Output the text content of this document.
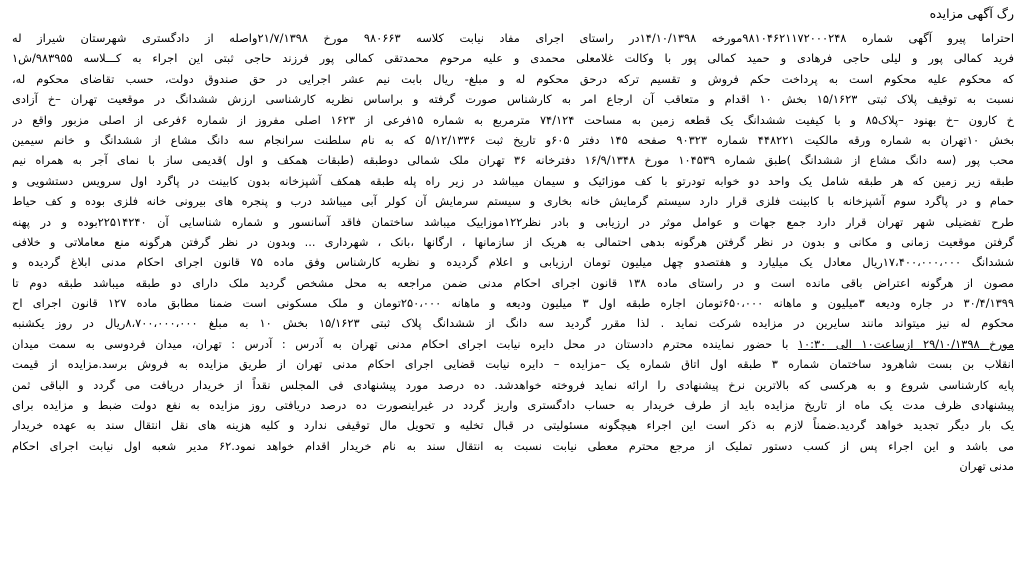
رگ آگهی مزایده
احتراما پیرو آگهی شماره ۹۸۱۰۴۶۲۱۱۷۲۰۰۰۲۴۸مورخه ۱۴/۱۰/۱۳۹۸در راستای اجرای مفاد نیابت کلاسه ۹۸۰۶۶۳ مورخ ۲۱/۷/۱۳۹۸واصله از دادگستری شهرستان شیراز له
فرید کمالی پور و لیلی حاجی فرهادی و حمید کمالی پور با وکالت غلامعلی محمدی و علیه مرحوم محمدتقی کمالی پور فرزند حاجی ثبتی این اجراء به کـــلاسه ۹۸۳۹۵۵/ش۱
که محکوم علیه محکوم است به پرداخت حکم فروش و تقسیم ترکه درحق محکوم له و مبلغ- ریال بابت نیم عشر اجرایی در حق صندوق دولت، حسب تقاضای محکوم له،
نسبت به توقیف پلاک ثبتی ۱۵/۱۶۲۳ بخش ۱۰ اقدام و متعاقب آن ارجاع امر به کارشناس صورت گرفته و براساس نظریه کارشناسی ارزش ششدانگ در موقعیت تهران –خ آزادی
خ کارون –خ بهنود –پلاک۸۵ و با کیفیت ششدانگ یک قطعه زمین به مساحت ۷۴/۱۲۴ مترمربع به شماره ۱۵فرعی از ۱۶۲۳ اصلی مفروز از شماره ۶فرعی از اصلی مزبور واقع در
بخش ۱۰تهران به شماره ورقه مالکیت ۴۴۸۲۲۱ شماره ۹۰۳۲۳ صفحه ۱۴۵ دفتر ۶۰۵و تاریخ ثبت ۵/۱۲/۱۳۳۶ که به نام سلطنت سرانجام سه دانگ مشاع از ششدانگ و خانم سیمین
محب پور (سه دانگ مشاع از ششدانگ )طبق شماره ۱۰۴۵۳۹ مورخ ۱۶/۹/۱۳۴۸ دفترخانه ۳۶ تهران ملک شمالی دوطبقه (طبقات همکف و اول )قدیمی ساز با نمای آجر به همراه نیم
طبقه زیر زمین که هر طبقه شامل یک واحد دو خوابه تودرتو با کف موزائیک و سیمان میباشد در زیر راه پله طبقه همکف آشپزخانه بدون کابینت در پاگرد اول سرویس دستشویی و
حمام و در پاگرد سوم آشپزخانه با کابینت فلزی قرار دارد سیستم گرمایش خانه بخاری و سیستم سرمایش آن کولر آبی میباشد درب و پنجره های بیرونی خانه فلزی بوده و کف حیاط
طرح تفضیلی شهر تهران قرار دارد جمع جهات و عوامل موثر در ارزیابی و بادر نظر۱۲۲موزاییک میباشد ساختمان فاقد آسانسور و شماره شناسایی آن ۲۲۵۱۴۲۴۰بوده و در پهنه
گرفتن موقعیت زمانی و مکانی و بدون در نظر گرفتن هرگونه بدهی احتمالی به هریک از سازمانها ، ارگانها ،بانک ، شهرداری ... وبدون در نظر گرفتن هرگونه منع معاملاتی و خلافی
ششدانگ ۱۷،۴۰۰،۰۰۰،۰۰۰ریال معادل یک میلیارد و هفتصدو چهل میلیون تومان ارزیابی و اعلام گردیده و نظریه کارشناس وفق ماده ۷۵ قانون اجرای احکام مدنی ابلاغ گردیده و
مصون از هرگونه اعتراض باقی مانده است و در راستای ماده ۱۳۸ قانون اجرای احکام مدنی ضمن مراجعه به محل مشخص گردید ملک دارای دو طبقه میباشد طبقه دوم تا
۳۰/۴/۱۳۹۹ در جاره ودیعه ۳میلیون و ماهانه ۶۵۰،۰۰۰تومان اجاره طبقه اول ۳ میلیون ودیعه و ماهانه ۲۵۰،۰۰۰تومان و ملک مسکونی است ضمنا مطابق ماده ۱۲۷ قانون اجرای اح
محکوم له نیز میتواند مانند سایرین در مزایده شرکت نماید . لذا مقرر گردید سه دانگ از ششدانگ پلاک ثبتی ۱۵/۱۶۲۳ بخش ۱۰ به مبلغ ۸،۷۰۰،۰۰۰،۰۰۰ریال در روز یکشنبه
مورخ ۲۹/۱۰/۱۳۹۸ ازساعت۱۰ الی ۱۰:۳۰ با حضور نماینده محترم دادستان در محل دایره نیابت اجرای احکام مدنی تهران به آدرس : آدرس : تهران، میدان فردوسی به سمت میدان
انقلاب بن بست شاهرود ساختمان شماره ۳ طبقه اول اتاق شماره یک –مزایده – دایره نیابت قضایی اجرای احکام مدنی تهران از طریق مزایده به فروش برسد.مزایده از قیمت
پایه کارشناسی شروع و به هرکسی که بالاترین نرخ پیشنهادی را ارائه نماید فروخته خواهدشد. ده درصد مورد پیشنهادی فی المجلس نقداً از خریدار دریافت می گردد و الباقی ثمن
پیشنهادی ظرف مدت یک ماه از تاریخ مزایده باید از طرف خریدار به حساب دادگستری واریز گردد در غیراینصورت ده درصد دریافتی روز مزایده به نفع دولت ضبط و مزایده برای
یک بار دیگر تجدید خواهد گردید.ضمناً لازم به ذکر است این اجراء هیچگونه مسئولیتی در قبال تخلیه و تحویل مال توقیفی ندارد و کلیه هزینه های نقل انتقال سند به عهده خریدار
می باشد و این اجراء پس از کسب دستور تملیک از مرجع محترم معطی نیابت نسبت به انتقال سند به نام خریدار اقدام خواهد نمود.۶۲ مدیر شعبه اول نیابت اجرای احکام
مدنی تهران
